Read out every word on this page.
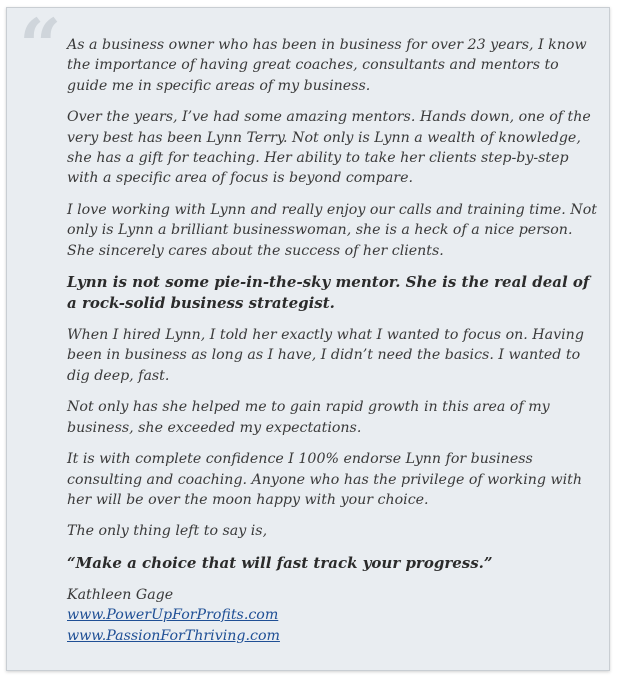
“ As a business owner who has been in business for over 23 years, I know the importance of having great coaches, consultants and mentors to guide me in specific areas of my business.

Over the years, I’ve had some amazing mentors. Hands down, one of the very best has been Lynn Terry. Not only is Lynn a wealth of knowledge, she has a gift for teaching. Her ability to take her clients step-by-step with a specific area of focus is beyond compare.

I love working with Lynn and really enjoy our calls and training time. Not only is Lynn a brilliant businesswoman, she is a heck of a nice person. She sincerely cares about the success of her clients.

Lynn is not some pie-in-the-sky mentor. She is the real deal of a rock-solid business strategist.

When I hired Lynn, I told her exactly what I wanted to focus on. Having been in business as long as I have, I didn’t need the basics. I wanted to dig deep, fast.

Not only has she helped me to gain rapid growth in this area of my business, she exceeded my expectations.

It is with complete confidence I 100% endorse Lynn for business consulting and coaching. Anyone who has the privilege of working with her will be over the moon happy with your choice.

The only thing left to say is,

“Make a choice that will fast track your progress.”

Kathleen Gage
www.PowerUpForProfits.com
www.PassionForThriving.com
